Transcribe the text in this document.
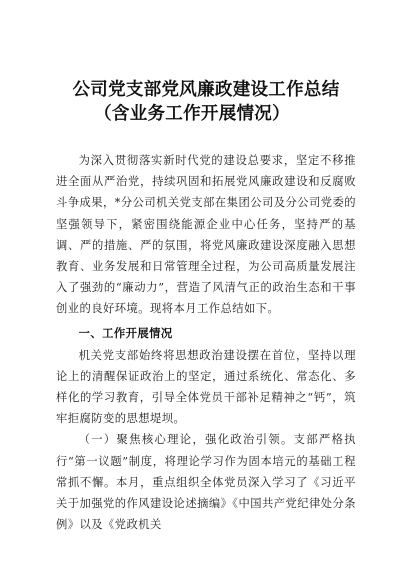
公司党支部党风廉政建设工作总结
（含业务工作开展情况）

为深入贯彻落实新时代党的建设总要求，坚定不移推进全面从严治党，持续巩固和拓展党风廉政建设和反腐败斗争成果，*分公司机关党支部在集团公司及分公司党委的坚强领导下，紧密围绕能源企业中心任务，坚持严的基调、严的措施、严的氛围，将党风廉政建设深度融入思想教育、业务发展和日常管理全过程，为公司高质量发展注入了强劲的“廉动力”，营造了风清气正的政治生态和干事创业的良好环境。现将本月工作总结如下。

一、工作开展情况

机关党支部始终将思想政治建设摆在首位，坚持以理论上的清醒保证政治上的坚定，通过系统化、常态化、多样化的学习教育，引导全体党员干部补足精神之“钙”，筑牢拒腐防变的思想堤坝。

（一）聚焦核心理论，强化政治引领。支部严格执行“第一议题”制度，将理论学习作为固本培元的基础工程常抓不懈。本月，重点组织全体党员深入学习了《习近平关于加强党的作风建设论述摘编》《中国共产党纪律处分条例》以及《党政机关
